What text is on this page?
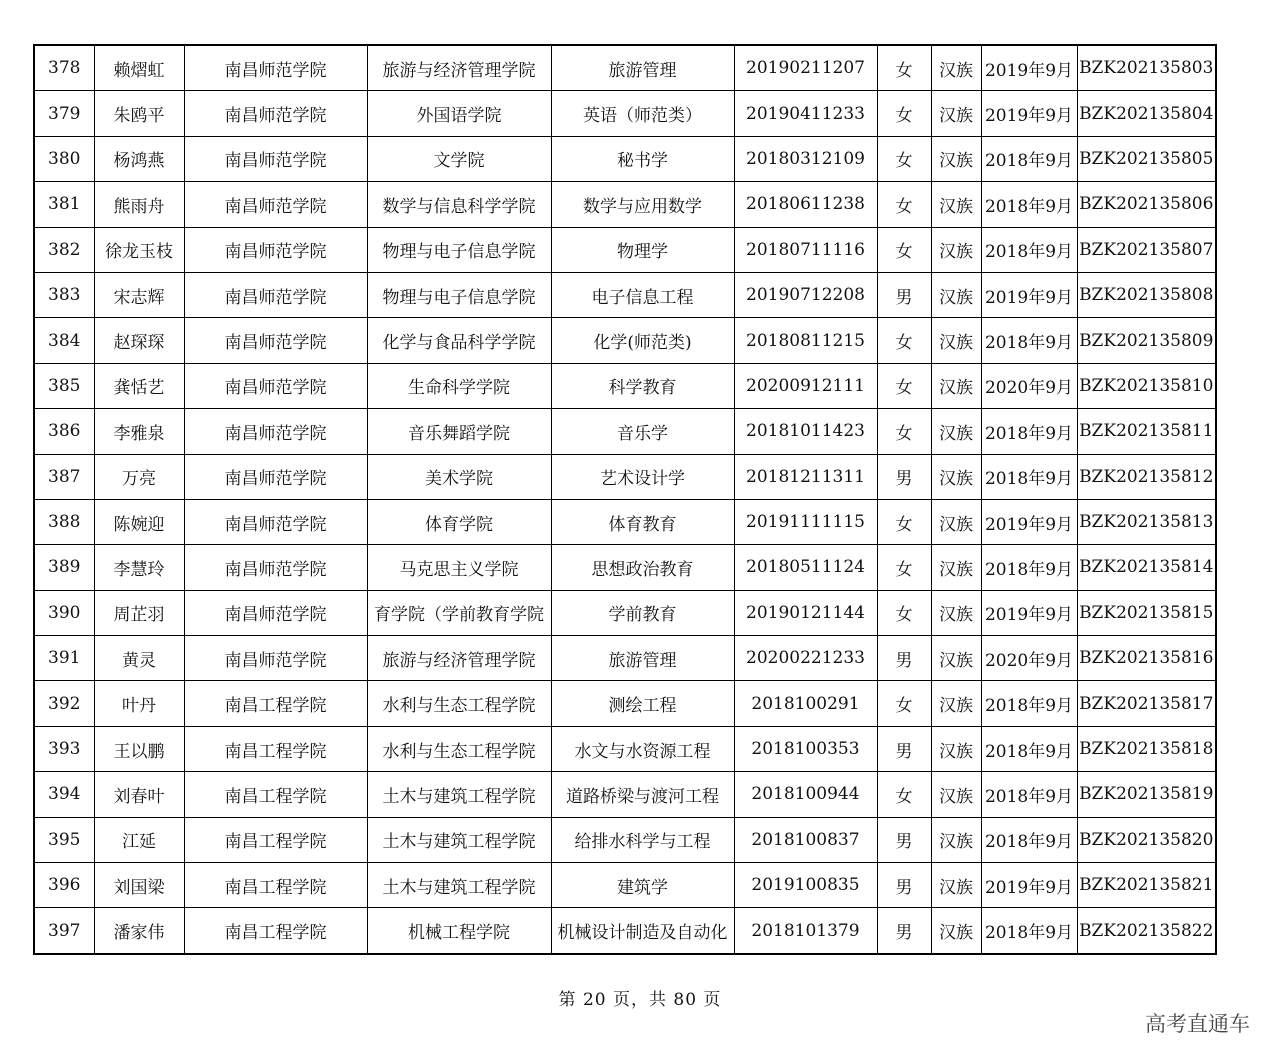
378	赖熠虹	南昌师范学院	旅游与经济管理学院	旅游管理	20190211207	女	汉族	2019年9月	BZK202135803
379	朱鸥平	南昌师范学院	外国语学院	英语（师范类）	20190411233	女	汉族	2019年9月	BZK202135804
380	杨鸿燕	南昌师范学院	文学院	秘书学	20180312109	女	汉族	2018年9月	BZK202135805
381	熊雨舟	南昌师范学院	数学与信息科学学院	数学与应用数学	20180611238	女	汉族	2018年9月	BZK202135806
382	徐龙玉枝	南昌师范学院	物理与电子信息学院	物理学	20180711116	女	汉族	2018年9月	BZK202135807
383	宋志辉	南昌师范学院	物理与电子信息学院	电子信息工程	20190712208	男	汉族	2019年9月	BZK202135808
384	赵琛琛	南昌师范学院	化学与食品科学学院	化学(师范类)	20180811215	女	汉族	2018年9月	BZK202135809
385	龚恬艺	南昌师范学院	生命科学学院	科学教育	20200912111	女	汉族	2020年9月	BZK202135810
386	李雅泉	南昌师范学院	音乐舞蹈学院	音乐学	20181011423	女	汉族	2018年9月	BZK202135811
387	万亮	南昌师范学院	美术学院	艺术设计学	20181211311	男	汉族	2018年9月	BZK202135812
388	陈婉迎	南昌师范学院	体育学院	体育教育	20191111115	女	汉族	2019年9月	BZK202135813
389	李慧玲	南昌师范学院	马克思主义学院	思想政治教育	20180511124	女	汉族	2018年9月	BZK202135814
390	周芷羽	南昌师范学院	育学院（学前教育学院	学前教育	20190121144	女	汉族	2019年9月	BZK202135815
391	黄灵	南昌师范学院	旅游与经济管理学院	旅游管理	20200221233	男	汉族	2020年9月	BZK202135816
392	叶丹	南昌工程学院	水利与生态工程学院	测绘工程	2018100291	女	汉族	2018年9月	BZK202135817
393	王以鹏	南昌工程学院	水利与生态工程学院	水文与水资源工程	2018100353	男	汉族	2018年9月	BZK202135818
394	刘春叶	南昌工程学院	土木与建筑工程学院	道路桥梁与渡河工程	2018100944	女	汉族	2018年9月	BZK202135819
395	江延	南昌工程学院	土木与建筑工程学院	给排水科学与工程	2018100837	男	汉族	2018年9月	BZK202135820
396	刘国梁	南昌工程学院	土木与建筑工程学院	建筑学	2019100835	男	汉族	2019年9月	BZK202135821
397	潘家伟	南昌工程学院	机械工程学院	机械设计制造及自动化	2018101379	男	汉族	2018年9月	BZK202135822
第 20 页，共 80 页
高考直通车
